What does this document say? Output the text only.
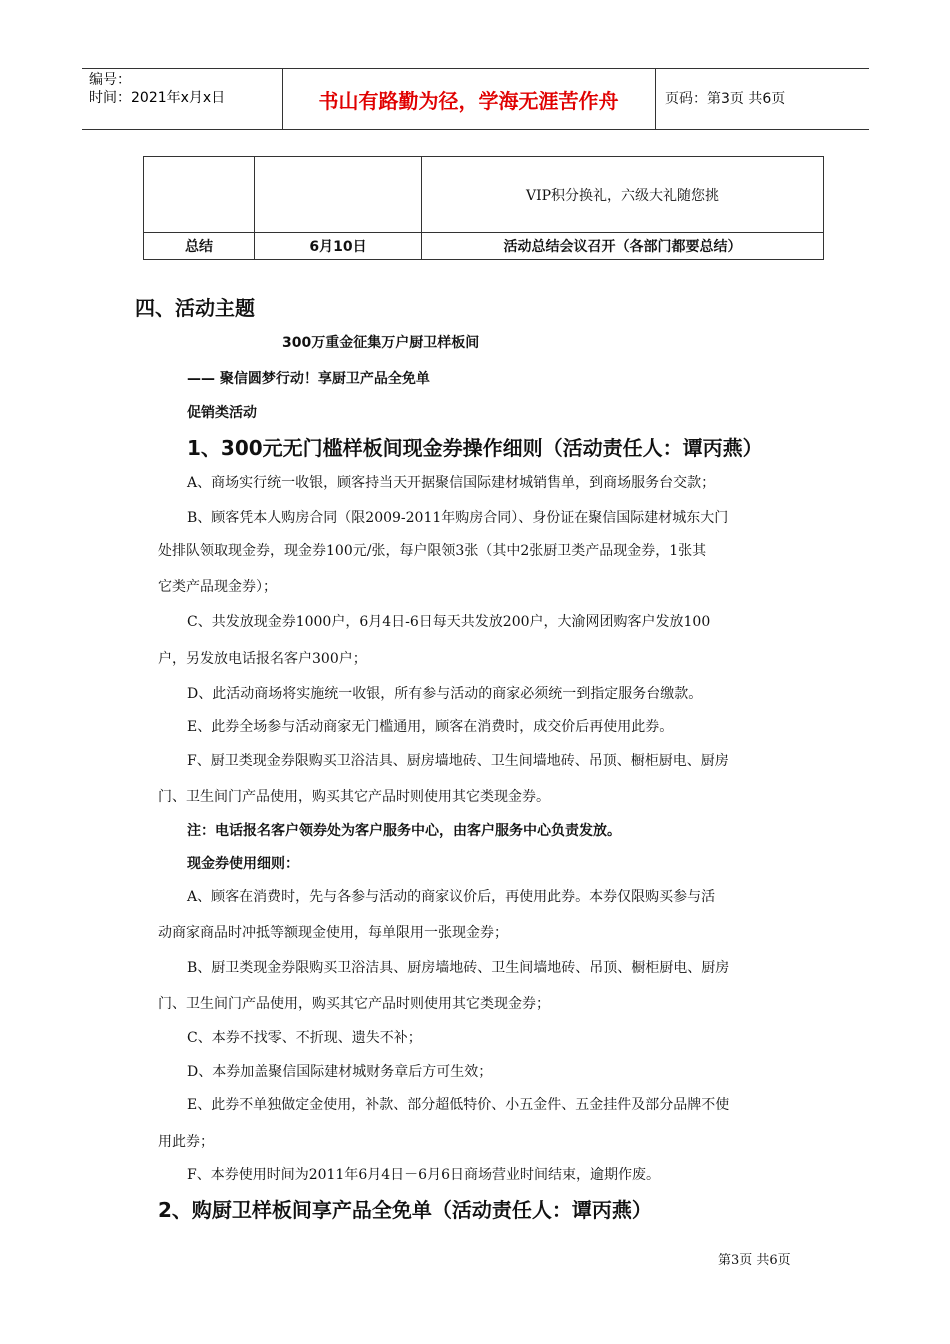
编号：
时间：2021年x月x日	书山有路勤为径，学海无涯苦作舟	页码：第3页 共6页
		VIP积分换礼，六级大礼随您挑
总结	6月10日	活动总结会议召开（各部门都要总结）
四、活动主题
300万重金征集万户厨卫样板间
—— 聚信圆梦行动！享厨卫产品全免单
促销类活动
1、300元无门槛样板间现金券操作细则（活动责任人：谭丙燕）
A、商场实行统一收银，顾客持当天开据聚信国际建材城销售单，到商场服务台交款；
B、顾客凭本人购房合同（限2009-2011年购房合同）、身份证在聚信国际建材城东大门
处排队领取现金券，现金券100元/张，每户限领3张（其中2张厨卫类产品现金券，1张其
它类产品现金券）；
C、共发放现金券1000户，6月4日-6日每天共发放200户，大渝网团购客户发放100
户，另发放电话报名客户300户；
D、此活动商场将实施统一收银，所有参与活动的商家必须统一到指定服务台缴款。
E、此券全场参与活动商家无门槛通用，顾客在消费时，成交价后再使用此券。
F、厨卫类现金券限购买卫浴洁具、厨房墙地砖、卫生间墙地砖、吊顶、橱柜厨电、厨房
门、卫生间门产品使用，购买其它产品时则使用其它类现金券。
注：电话报名客户领券处为客户服务中心，由客户服务中心负责发放。
现金券使用细则：
A、顾客在消费时，先与各参与活动的商家议价后，再使用此券。本券仅限购买参与活
动商家商品时冲抵等额现金使用，每单限用一张现金券；
B、厨卫类现金券限购买卫浴洁具、厨房墙地砖、卫生间墙地砖、吊顶、橱柜厨电、厨房
门、卫生间门产品使用，购买其它产品时则使用其它类现金券；
C、本券不找零、不折现、遗失不补；
D、本券加盖聚信国际建材城财务章后方可生效；
E、此券不单独做定金使用，补款、部分超低特价、小五金件、五金挂件及部分品牌不使
用此券；
F、本券使用时间为2011年6月4日－6月6日商场营业时间结束，逾期作废。
2、购厨卫样板间享产品全免单（活动责任人：谭丙燕）
第3页 共6页
